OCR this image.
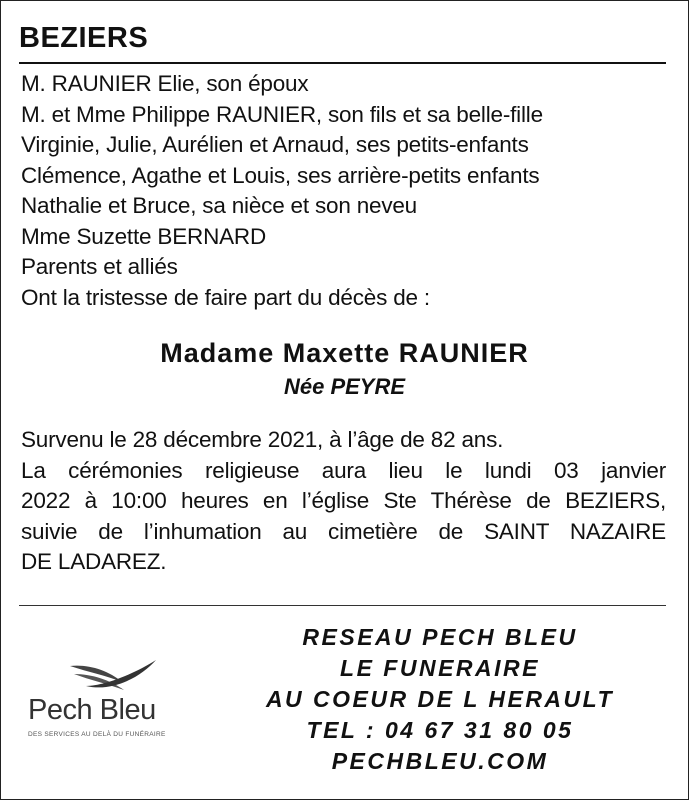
BEZIERS
M. RAUNIER Elie, son époux
M. et Mme Philippe RAUNIER, son fils et sa belle-fille
Virginie, Julie, Aurélien et Arnaud, ses petits-enfants
Clémence, Agathe et Louis, ses arrière-petits enfants
Nathalie et Bruce, sa nièce et son neveu
Mme Suzette BERNARD
Parents et alliés
Ont la tristesse de faire part du décès de :
Madame Maxette RAUNIER
Née PEYRE
Survenu le 28 décembre 2021, à l’âge de 82 ans.
La cérémonies religieuse aura lieu le lundi 03 janvier
2022 à 10:00 heures en l’église Ste Thérèse de BEZIERS,
suivie de l’inhumation au cimetière de SAINT NAZAIRE
DE LADAREZ.
Pech Bleu
DES SERVICES AU DELÀ DU FUNÉRAIRE
RESEAU PECH BLEU
LE FUNERAIRE
AU COEUR DE L HERAULT
TEL : 04 67 31 80 05
PECHBLEU.COM
